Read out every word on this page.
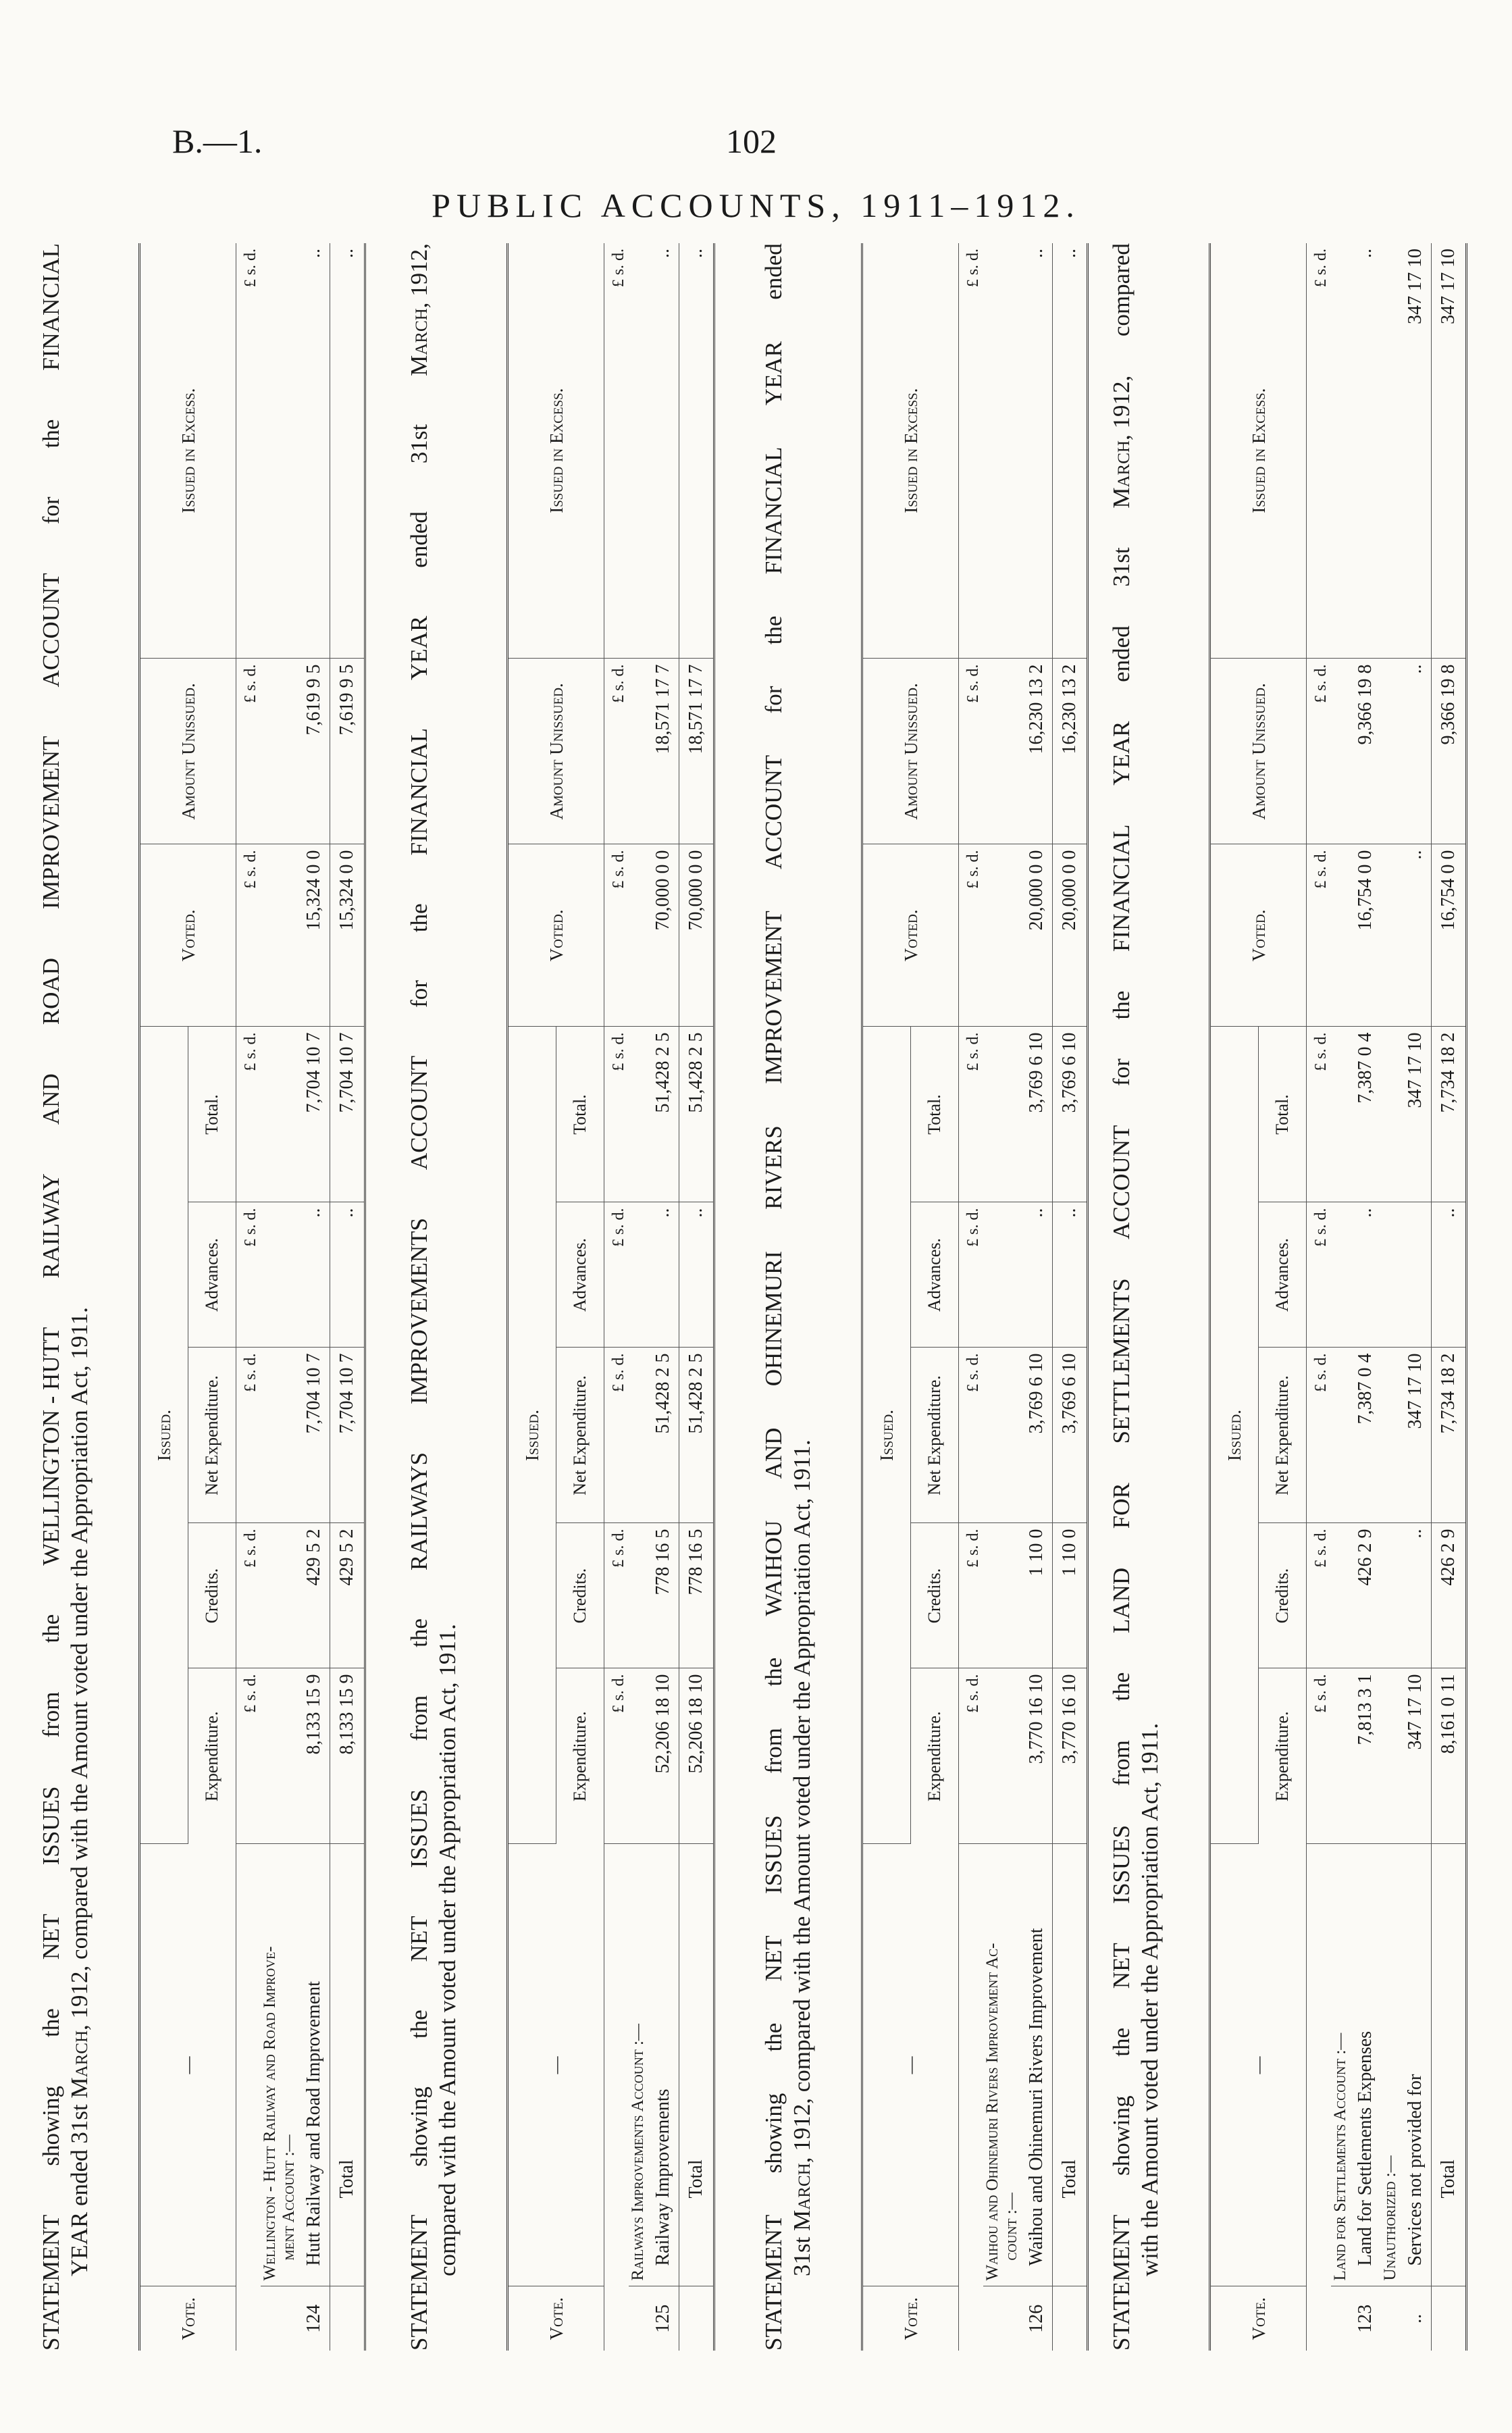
B.—1.	102
PUBLIC ACCOUNTS, 1911–1912.
STATEMENT
showing
the
NET
ISSUES
from
the
WELLINGTON - HUTT
RAILWAY
AND
ROAD
IMPROVEMENT
ACCOUNT
for
the
FINANCIAL
YEAR ended 31st March, 1912, compared with the Amount voted under the Appropriation Act, 1911.
Vote.	—	Issued.					Voted.	Amount Unissued.	Issued in Excess.
		Expenditure.	Credits.	Net Expenditure.	Advances.	Total.			
		£ s. d.	£ s. d.	£ s. d.	£ s. d.	£ s. d.	£ s. d.	£ s. d.	£ s. d.

	Wellington - Hutt Railway and Road Improve- ment Account :—								

124	Hutt Railway and Road Improvement	8,133 15 9	429 5 2	7,704 10 7	..	7,704 10 7	15,324 0 0	7,619 9 5	..
	Total	8,133 15 9	429 5 2	7,704 10 7	..	7,704 10 7	15,324 0 0	7,619 9 5	..
STATEMENT
showing
the
NET
ISSUES
from
the
RAILWAYS
IMPROVEMENTS
ACCOUNT
for
the
FINANCIAL
YEAR
ended
31st
March, 1912,
compared with the Amount voted under the Appropriation Act, 1911.
Vote.	—	Issued.					Voted.	Amount Unissued.	Issued in Excess.
		Expenditure.	Credits.	Net Expenditure.	Advances.	Total.			
		£ s. d.	£ s. d.	£ s. d.	£ s. d.	£ s. d.	£ s. d.	£ s. d.	£ s. d.

	Railways Improvements Account :—								

125	Railway Improvements	52,206 18 10	778 16 5	51,428 2 5	..	51,428 2 5	70,000 0 0	18,571 17 7	..
	Total	52,206 18 10	778 16 5	51,428 2 5	..	51,428 2 5	70,000 0 0	18,571 17 7	..
STATEMENT
showing
the
NET
ISSUES
from
the
WAIHOU
AND
OHINEMURI
RIVERS
IMPROVEMENT
ACCOUNT
for
the
FINANCIAL
YEAR
ended
31st March, 1912, compared with the Amount voted under the Appropriation Act, 1911.
Vote.	—	Issued.					Voted.	Amount Unissued.	Issued in Excess.
		Expenditure.	Credits.	Net Expenditure.	Advances.	Total.			
		£ s. d.	£ s. d.	£ s. d.	£ s. d.	£ s. d.	£ s. d.	£ s. d.	£ s. d.

	Waihou and Ohinemuri Rivers Improvement Ac- count :—								

126	Waihou and Ohinemuri Rivers Improvement	3,770 16 10	1 10 0	3,769 6 10	..	3,769 6 10	20,000 0 0	16,230 13 2	..
	Total	3,770 16 10	1 10 0	3,769 6 10	..	3,769 6 10	20,000 0 0	16,230 13 2	..
STATEMENT
showing
the
NET
ISSUES
from
the
LAND
FOR
SETTLEMENTS
ACCOUNT
for
the
FINANCIAL
YEAR
ended
31st
March, 1912,
compared
with the Amount voted under the Appropriation Act, 1911.
Vote.	—	Issued.					Voted.	Amount Unissued.	Issued in Excess.
		Expenditure.	Credits.	Net Expenditure.	Advances.	Total.			
		£ s. d.	£ s. d.	£ s. d.	£ s. d.	£ s. d.	£ s. d.	£ s. d.	£ s. d.

	Land for Settlements Account :—								

123	Land for Settlements Expenses	7,813 3 1	426 2 9	7,387 0 4	..	7,387 0 4	16,754 0 0	9,366 19 8	..
	Unauthorized :—								
..	Services not provided for	347 17 10	..	347 17 10		347 17 10	..	..	347 17 10
	Total	8,161 0 11	426 2 9	7,734 18 2	..	7,734 18 2	16,754 0 0	9,366 19 8	347 17 10
